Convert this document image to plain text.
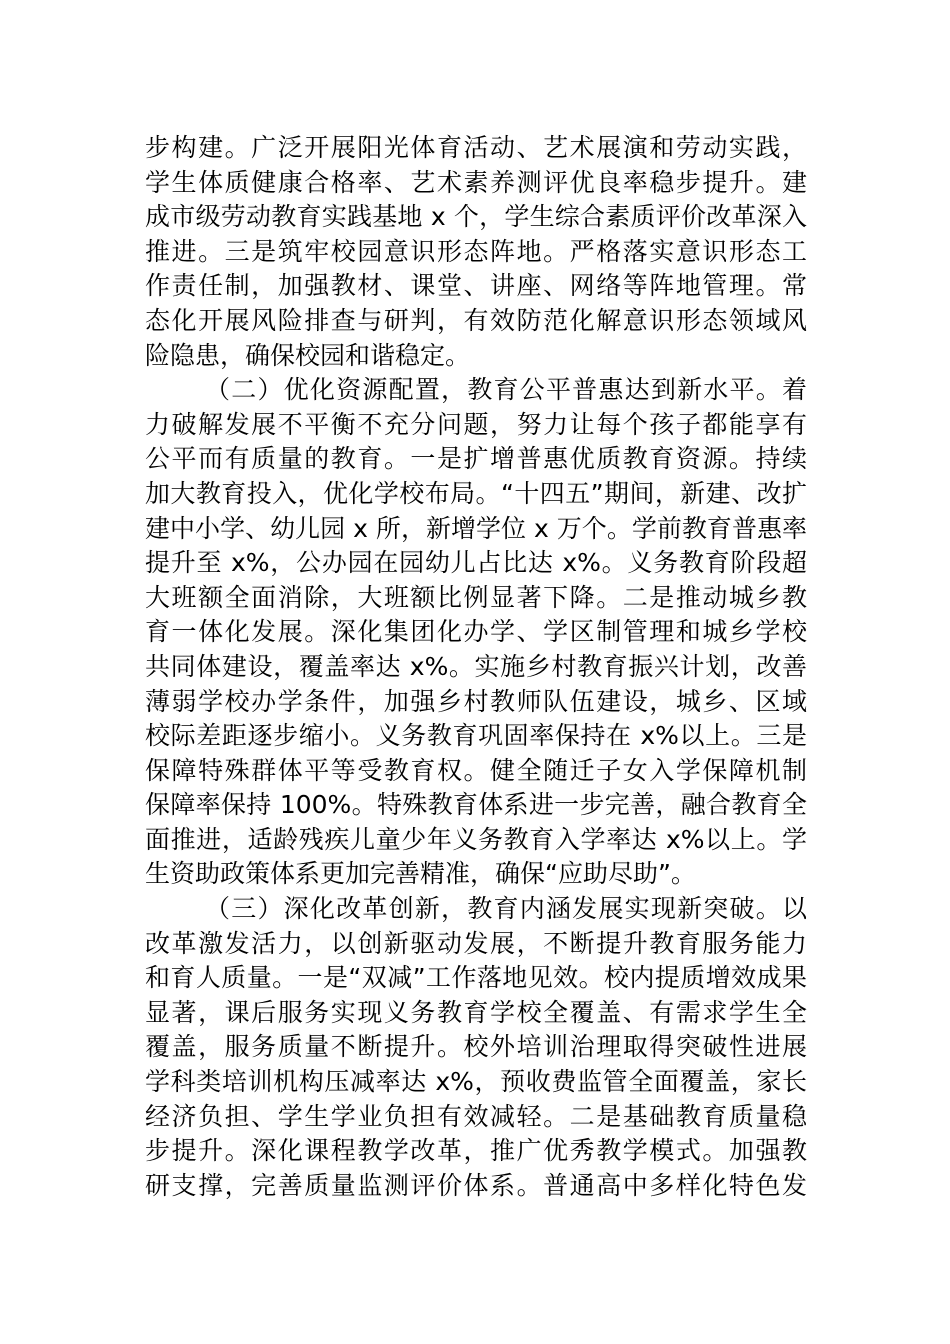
步构建。广泛开展阳光体育活动、艺术展演和劳动实践，
学生体质健康合格率、艺术素养测评优良率稳步提升。建
成市级劳动教育实践基地 x 个，学生综合素质评价改革深入
推进。三是筑牢校园意识形态阵地。严格落实意识形态工
作责任制，加强教材、课堂、讲座、网络等阵地管理。常
态化开展风险排查与研判，有效防范化解意识形态领域风
险隐患，确保校园和谐稳定。
（二）优化资源配置，教育公平普惠达到新水平。着
力破解发展不平衡不充分问题，努力让每个孩子都能享有
公平而有质量的教育。一是扩增普惠优质教育资源。持续
加大教育投入，优化学校布局。“十四五”期间，新建、改扩
建中小学、幼儿园 x 所，新增学位 x 万个。学前教育普惠率
提升至 x%，公办园在园幼儿占比达 x%。义务教育阶段超
大班额全面消除，大班额比例显著下降。二是推动城乡教
育一体化发展。深化集团化办学、学区制管理和城乡学校
共同体建设，覆盖率达 x%。实施乡村教育振兴计划，改善
薄弱学校办学条件，加强乡村教师队伍建设，城乡、区域
校际差距逐步缩小。义务教育巩固率保持在 x%以上。三是
保障特殊群体平等受教育权。健全随迁子女入学保障机制
保障率保持 100%。特殊教育体系进一步完善，融合教育全
面推进，适龄残疾儿童少年义务教育入学率达 x%以上。学
生资助政策体系更加完善精准，确保“应助尽助”。
（三）深化改革创新，教育内涵发展实现新突破。以
改革激发活力，以创新驱动发展，不断提升教育服务能力
和育人质量。一是“双减”工作落地见效。校内提质增效成果
显著，课后服务实现义务教育学校全覆盖、有需求学生全
覆盖，服务质量不断提升。校外培训治理取得突破性进展
学科类培训机构压减率达 x%，预收费监管全面覆盖，家长
经济负担、学生学业负担有效减轻。二是基础教育质量稳
步提升。深化课程教学改革，推广优秀教学模式。加强教
研支撑，完善质量监测评价体系。普通高中多样化特色发
